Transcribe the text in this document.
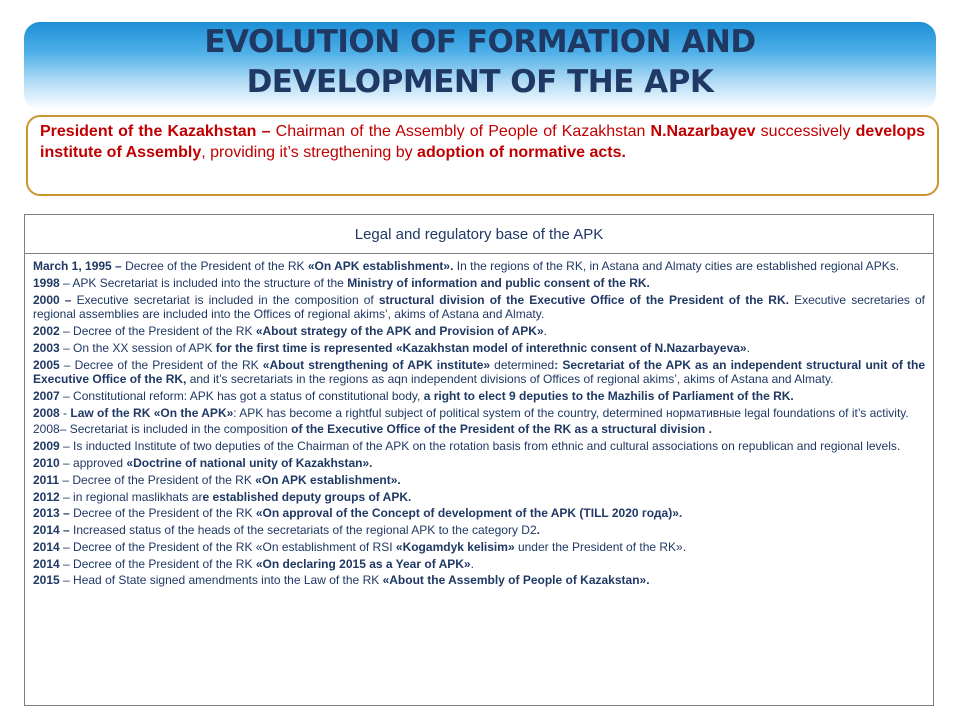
EVOLUTION OF FORMATION AND
DEVELOPMENT OF THE APK
President of the Kazakhstan – Chairman of the Assembly of People of Kazakhstan N.Nazarbayev successively develops institute of Assembly, providing it’s stregthening by adoption of normative acts.
Legal and regulatory base of the APK

March 1, 1995 – Decree of the President of the RK «On APK establishment». In the regions of the RK, in Astana and Almaty cities are established regional APKs.

1998 – APK Secretariat is included into the structure of the Ministry of information and public consent of the RK.

2000 – Executive secretariat is included in the composition of structural division of the Executive Office of the President of the RK. Executive secretaries of regional assemblies are included into the Offices of regional akims’, akims of Astana and Almaty.

2002 – Decree of the President of the RK «About strategy of the APK and Provision of APK».

2003 – On the XX session of APK for the first time is represented «Kazakhstan model of interethnic consent of N.Nazarbayeva».

2005 – Decree of the President of the RK «About strengthening of APK institute» determined: Secretariat of the APK as an independent structural unit of the Executive Office of the RK, and it’s secretariats in the regions as aqn independent divisions of Offices of regional akims’, akims of Astana and Almaty.

2007 – Constitutional reform: APK has got a status of constitutional body, a right to elect 9 deputies to the Mazhilis of Parliament of the RK.

2008 - Law of the RK «On the APK»: APK has become a rightful subject of political system of the country, determined нормативные legal foundations of it’s activity.

2008– Secretariat is included in the composition of the Executive Office of the President of the RK as a structural division .

2009 – Is inducted Institute of two deputies of the Chairman of the APK on the rotation basis from ethnic and cultural associations on republican and regional levels.

2010 – approved «Doctrine of national unity of Kazakhstan».

2011 – Decree of the President of the RK «On APK establishment».

2012 – in regional maslikhats are established deputy groups of APK.

2013 – Decree of the President of the RK «On approval of the Concept of development of the APK (TILL 2020 года)».

2014 – Increased status of the heads of the secretariats of the regional APK to the category D2.

2014 – Decree of the President of the RK «On establishment of RSI «Kogamdyk kelisim» under the President of the RK».

2014 – Decree of the President of the RK «On declaring 2015 as a Year of APK».

2015 – Head of State signed amendments into the Law of the RK «About the Assembly of People of Kazakstan».
